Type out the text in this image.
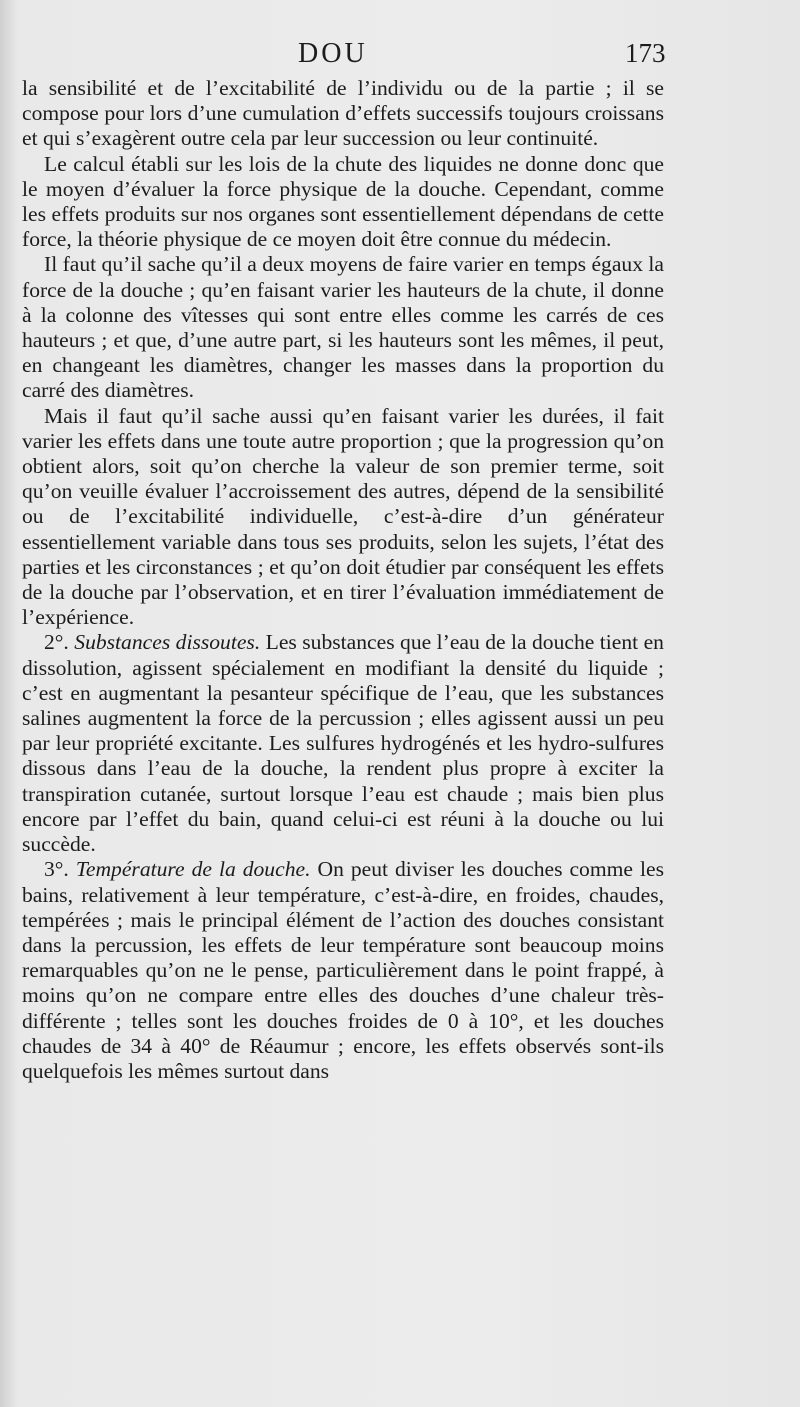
DOU	173

la sensibilité et de l’excitabilité de l’individu ou de la partie ; il se compose pour lors d’une cumulation d’effets successifs toujours croissans et qui s’exagèrent outre cela par leur succession ou leur continuité.

Le calcul établi sur les lois de la chute des liquides ne donne donc que le moyen d’évaluer la force physique de la douche. Cependant, comme les effets produits sur nos organes sont essentiellement dépendans de cette force, la théorie physique de ce moyen doit être connue du médecin.

Il faut qu’il sache qu’il a deux moyens de faire varier en temps égaux la force de la douche ; qu’en faisant varier les hauteurs de la chute, il donne à la colonne des vîtesses qui sont entre elles comme les carrés de ces hauteurs ; et que, d’une autre part, si les hauteurs sont les mêmes, il peut, en changeant les diamètres, changer les masses dans la proportion du carré des diamètres.

Mais il faut qu’il sache aussi qu’en faisant varier les durées, il fait varier les effets dans une toute autre proportion ; que la progression qu’on obtient alors, soit qu’on cherche la valeur de son premier terme, soit qu’on veuille évaluer l’accroissement des autres, dépend de la sensibilité ou de l’excitabilité individuelle, c’est-à-dire d’un générateur essentiellement variable dans tous ses produits, selon les sujets, l’état des parties et les circonstances ; et qu’on doit étudier par conséquent les effets de la douche par l’observation, et en tirer l’évaluation immédiatement de l’expérience.

2°. Substances dissoutes. Les substances que l’eau de la douche tient en dissolution, agissent spécialement en modifiant la densité du liquide ; c’est en augmentant la pesanteur spécifique de l’eau, que les substances salines augmentent la force de la percussion ; elles agissent aussi un peu par leur propriété excitante. Les sulfures hydrogénés et les hydro-sulfures dissous dans l’eau de la douche, la rendent plus propre à exciter la transpiration cutanée, surtout lorsque l’eau est chaude ; mais bien plus encore par l’effet du bain, quand celui-ci est réuni à la douche ou lui succède.

3°. Température de la douche. On peut diviser les douches comme les bains, relativement à leur température, c’est-à-dire, en froides, chaudes, tempérées ; mais le principal élément de l’action des douches consistant dans la percussion, les effets de leur température sont beaucoup moins remarquables qu’on ne le pense, particulièrement dans le point frappé, à moins qu’on ne compare entre elles des douches d’une chaleur très-différente ; telles sont les douches froides de 0 à 10°, et les douches chaudes de 34 à 40° de Réaumur ; encore, les effets observés sont-ils quelquefois les mêmes surtout dans
